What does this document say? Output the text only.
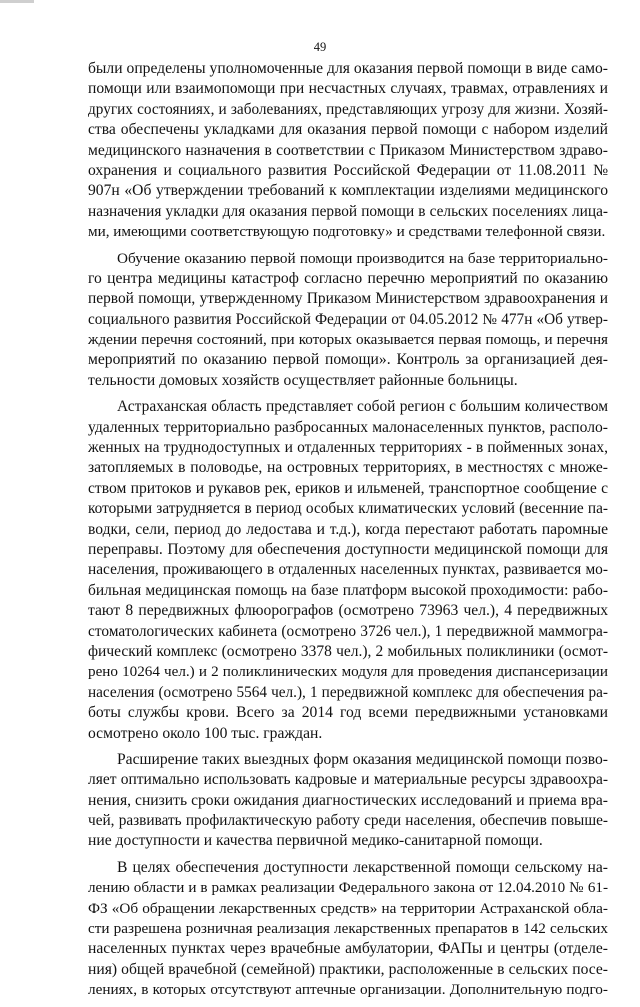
49
были определены уполномоченные для оказания первой помощи в виде само-
помощи или взаимопомощи при несчастных случаях, травмах, отравлениях и
других состояниях, и заболеваниях, представляющих угрозу для жизни. Хозяй-
ства обеспечены укладками для оказания первой помощи с набором изделий
медицинского назначения в соответствии с Приказом Министерством здраво-
охранения и социального развития Российской Федерации от 11.08.2011 №
907н «Об утверждении требований к комплектации изделиями медицинского
назначения укладки для оказания первой помощи в сельских поселениях лица-
ми, имеющими соответствующую подготовку» и средствами телефонной связи.
Обучение оказанию первой помощи производится на базе территориально-
го центра медицины катастроф согласно перечню мероприятий по оказанию
первой помощи, утвержденному Приказом Министерством здравоохранения и
социального развития Российской Федерации от 04.05.2012 № 477н «Об утвер-
ждении перечня состояний, при которых оказывается первая помощь, и перечня
мероприятий по оказанию первой помощи». Контроль за организацией дея-
тельности домовых хозяйств осуществляет районные больницы.
Астраханская область представляет собой регион с большим количеством
удаленных территориально разбросанных малонаселенных пунктов, располо-
женных на труднодоступных и отдаленных территориях - в пойменных зонах,
затопляемых в половодье, на островных территориях, в местностях с множе-
ством притоков и рукавов рек, ериков и ильменей, транспортное сообщение с
которыми затрудняется в период особых климатических условий (весенние па-
водки, сели, период до ледостава и т.д.), когда перестают работать паромные
переправы. Поэтому для обеспечения доступности медицинской помощи для
населения, проживающего в отдаленных населенных пунктах, развивается мо-
бильная медицинская помощь на базе платформ высокой проходимости: рабо-
тают 8 передвижных флюорографов (осмотрено 73963 чел.), 4 передвижных
стоматологических кабинета (осмотрено 3726 чел.), 1 передвижной маммогра-
фический комплекс (осмотрено 3378 чел.), 2 мобильных поликлиники (осмот-
рено 10264 чел.) и 2 поликлинических модуля для проведения диспансеризации
населения (осмотрено 5564 чел.), 1 передвижной комплекс для обеспечения ра-
боты службы крови. Всего за 2014 год всеми передвижными установками
осмотрено около 100 тыс. граждан.
Расширение таких выездных форм оказания медицинской помощи позво-
ляет оптимально использовать кадровые и материальные ресурсы здравоохра-
нения, снизить сроки ожидания диагностических исследований и приема вра-
чей, развивать профилактическую работу среди населения, обеспечив повыше-
ние доступности и качества первичной медико-санитарной помощи.
В целях обеспечения доступности лекарственной помощи сельскому на-
лению области и в рамках реализации Федерального закона от 12.04.2010 № 61-
ФЗ «Об обращении лекарственных средств» на территории Астраханской обла-
сти разрешена розничная реализация лекарственных препаратов в 142 сельских
населенных пунктах через врачебные амбулатории, ФАПы и центры (отделе-
ния) общей врачебной (семейной) практики, расположенные в сельских посе-
лениях, в которых отсутствуют аптечные организации. Дополнительную подго-
